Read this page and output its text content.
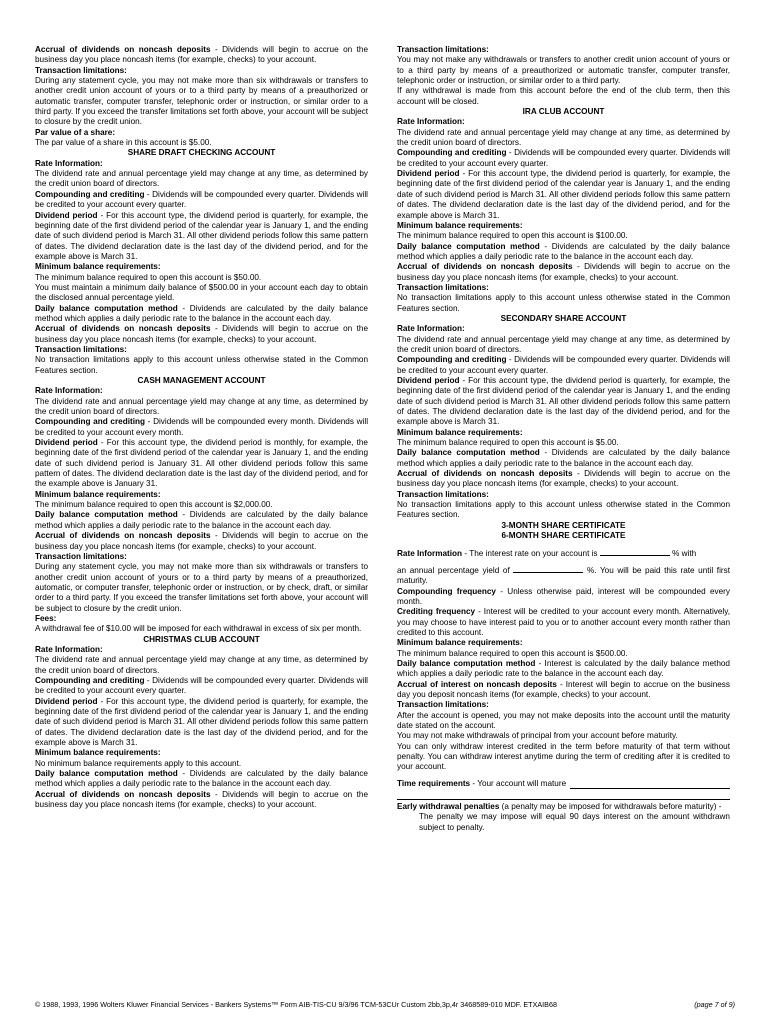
Accrual of dividends on noncash deposits - Dividends will begin to accrue on the business day you place noncash items (for example, checks) to your account.

Transaction limitations:

During any statement cycle, you may not make more than six withdrawals or transfers to another credit union account of yours or to a third party by means of a preauthorized or automatic transfer, computer transfer, telephonic order or instruction, or similar order to a third party. If you exceed the transfer limitations set forth above, your account will be subject to closure by the credit union.

Par value of a share:

The par value of a share in this account is $5.00.

SHARE DRAFT CHECKING ACCOUNT

Rate Information:

The dividend rate and annual percentage yield may change at any time, as determined by the credit union board of directors.

Compounding and crediting - Dividends will be compounded every quarter. Dividends will be credited to your account every quarter.

Dividend period - For this account type, the dividend period is quarterly, for example, the beginning date of the first dividend period of the calendar year is January 1, and the ending date of such dividend period is March 31. All other dividend periods follow this same pattern of dates. The dividend declaration date is the last day of the dividend period, and for the example above is March 31.

Minimum balance requirements:

The minimum balance required to open this account is $50.00.

You must maintain a minimum daily balance of $500.00 in your account each day to obtain the disclosed annual percentage yield.

Daily balance computation method - Dividends are calculated by the daily balance method which applies a daily periodic rate to the balance in the account each day.

Accrual of dividends on noncash deposits - Dividends will begin to accrue on the business day you place noncash items (for example, checks) to your account.

Transaction limitations:

No transaction limitations apply to this account unless otherwise stated in the Common Features section.

CASH MANAGEMENT ACCOUNT

Rate Information:

The dividend rate and annual percentage yield may change at any time, as determined by the credit union board of directors.

Compounding and crediting - Dividends will be compounded every month. Dividends will be credited to your account every month.

Dividend period - For this account type, the dividend period is monthly, for example, the beginning date of the first dividend period of the calendar year is January 1, and the ending date of such dividend period is January 31. All other dividend periods follow this same pattern of dates. The dividend declaration date is the last day of the dividend period, and for the example above is January 31.

Minimum balance requirements:

The minimum balance required to open this account is $2,000.00.

Daily balance computation method - Dividends are calculated by the daily balance method which applies a daily periodic rate to the balance in the account each day.

Accrual of dividends on noncash deposits - Dividends will begin to accrue on the business day you place noncash items (for example, checks) to your account.

Transaction limitations:

During any statement cycle, you may not make more than six withdrawals or transfers to another credit union account of yours or to a third party by means of a preauthorized, automatic, or computer transfer, telephonic order or instruction, or by check, draft, or similar order to a third party. If you exceed the transfer limitations set forth above, your account will be subject to closure by the credit union.

Fees:

A withdrawal fee of $10.00 will be imposed for each withdrawal in excess of six per month.

CHRISTMAS CLUB ACCOUNT

Rate Information:

The dividend rate and annual percentage yield may change at any time, as determined by the credit union board of directors.

Compounding and crediting - Dividends will be compounded every quarter. Dividends will be credited to your account every quarter.

Dividend period - For this account type, the dividend period is quarterly, for example, the beginning date of the first dividend period of the calendar year is January 1, and the ending date of such dividend period is March 31. All other dividend periods follow this same pattern of dates. The dividend declaration date is the last day of the dividend period, and for the example above is March 31.

Minimum balance requirements:

No minimum balance requirements apply to this account.

Daily balance computation method - Dividends are calculated by the daily balance method which applies a daily periodic rate to the balance in the account each day.

Accrual of dividends on noncash deposits - Dividends will begin to accrue on the business day you place noncash items (for example, checks) to your account.

Transaction limitations:

You may not make any withdrawals or transfers to another credit union account of yours or to a third party by means of a preauthorized or automatic transfer, computer transfer, telephonic order or instruction, or similar order to a third party.

If any withdrawal is made from this account before the end of the club term, then this account will be closed.

IRA CLUB ACCOUNT

Rate Information:

The dividend rate and annual percentage yield may change at any time, as determined by the credit union board of directors.

Compounding and crediting - Dividends will be compounded every quarter. Dividends will be credited to your account every quarter.

Dividend period - For this account type, the dividend period is quarterly, for example, the beginning date of the first dividend period of the calendar year is January 1, and the ending date of such dividend period is March 31. All other dividend periods follow this same pattern of dates. The dividend declaration date is the last day of the dividend period, and for the example above is March 31.

Minimum balance requirements:

The minimum balance required to open this account is $100.00.

Daily balance computation method - Dividends are calculated by the daily balance method which applies a daily periodic rate to the balance in the account each day.

Accrual of dividends on noncash deposits - Dividends will begin to accrue on the business day you place noncash items (for example, checks) to your account.

Transaction limitations:

No transaction limitations apply to this account unless otherwise stated in the Common Features section.

SECONDARY SHARE ACCOUNT

Rate Information:

The dividend rate and annual percentage yield may change at any time, as determined by the credit union board of directors.

Compounding and crediting - Dividends will be compounded every quarter. Dividends will be credited to your account every quarter.

Dividend period - For this account type, the dividend period is quarterly, for example, the beginning date of the first dividend period of the calendar year is January 1, and the ending date of such dividend period is March 31. All other dividend periods follow this same pattern of dates. The dividend declaration date is the last day of the dividend period, and for the example above is March 31.

Minimum balance requirements:

The minimum balance required to open this account is $5.00.

Daily balance computation method - Dividends are calculated by the daily balance method which applies a daily periodic rate to the balance in the account each day.

Accrual of dividends on noncash deposits - Dividends will begin to accrue on the business day you place noncash items (for example, checks) to your account.

Transaction limitations:

No transaction limitations apply to this account unless otherwise stated in the Common Features section.

3-MONTH SHARE CERTIFICATE

6-MONTH SHARE CERTIFICATE

Rate Information - The interest rate on your account is	% with

an annual percentage yield of	%. You will be paid this rate until first maturity.

Compounding frequency - Unless otherwise paid, interest will be compounded every month.

Crediting frequency - Interest will be credited to your account every month. Alternatively, you may choose to have interest paid to you or to another account every month rather than credited to this account.

Minimum balance requirements:

The minimum balance required to open this account is $500.00.

Daily balance computation method - Interest is calculated by the daily balance method which applies a daily periodic rate to the balance in the account each day.

Accrual of interest on noncash deposits - Interest will begin to accrue on the business day you deposit noncash items (for example, checks) to your account.

Transaction limitations:

After the account is opened, you may not make deposits into the account until the maturity date stated on the account.

You may not make withdrawals of principal from your account before maturity.

You can only withdraw interest credited in the term before maturity of that term without penalty. You can withdraw interest anytime during the term of crediting after it is credited to your account.

Time requirements - Your account will mature

Early withdrawal penalties (a penalty may be imposed for withdrawals before maturity) -

The penalty we may impose will equal 90 days interest on the amount withdrawn subject to penalty.

© 1988, 1993, 1996 Wolters Kluwer Financial Services - Bankers Systems™ Form AIB-TIS-CU 9/3/96 TCM-53CUr Custom 2bb,3p,4r 3468589-010 MDF. ETXAIB68	(page 7 of 9)
